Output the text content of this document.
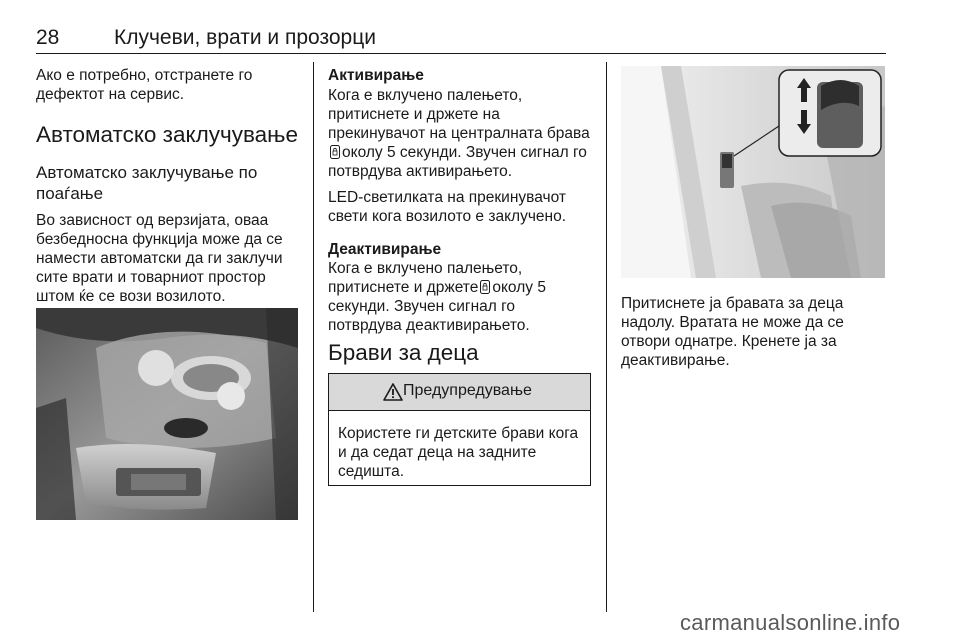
28	Клучеви, врати и прозорци

Ако е потребно, отстранете го дефектот на сервис.

Автоматско заклучување
Автоматско заклучување по поаѓање

Во зависност од верзијата, оваа безбедносна функција може да се намести автоматски да ги заклучи сите врати и товарниот простор штом ќе се вози возилото.

Активирање

Кога е вклучено палењето, притиснете и држете на прекинувачот на централната браваоколу 5 секунди. Звучен сигнал го потврдува активирањето.

LED-светилката на прекинувачот свети кога возилото е заклучено.

Деактивирање

Кога е вклучено палењето, притиснете и држете околу 5 секунди. Звучен сигнал го потврдува деактивирањето.

Брави за деца
Предупредување

Користете ги детските брави кога и да седат деца на задните седишта.

Притиснете ја бравата за деца надолу. Вратата не може да се отвори однатре. Кренете ја за деактивирање.

carmanualsonline.info
